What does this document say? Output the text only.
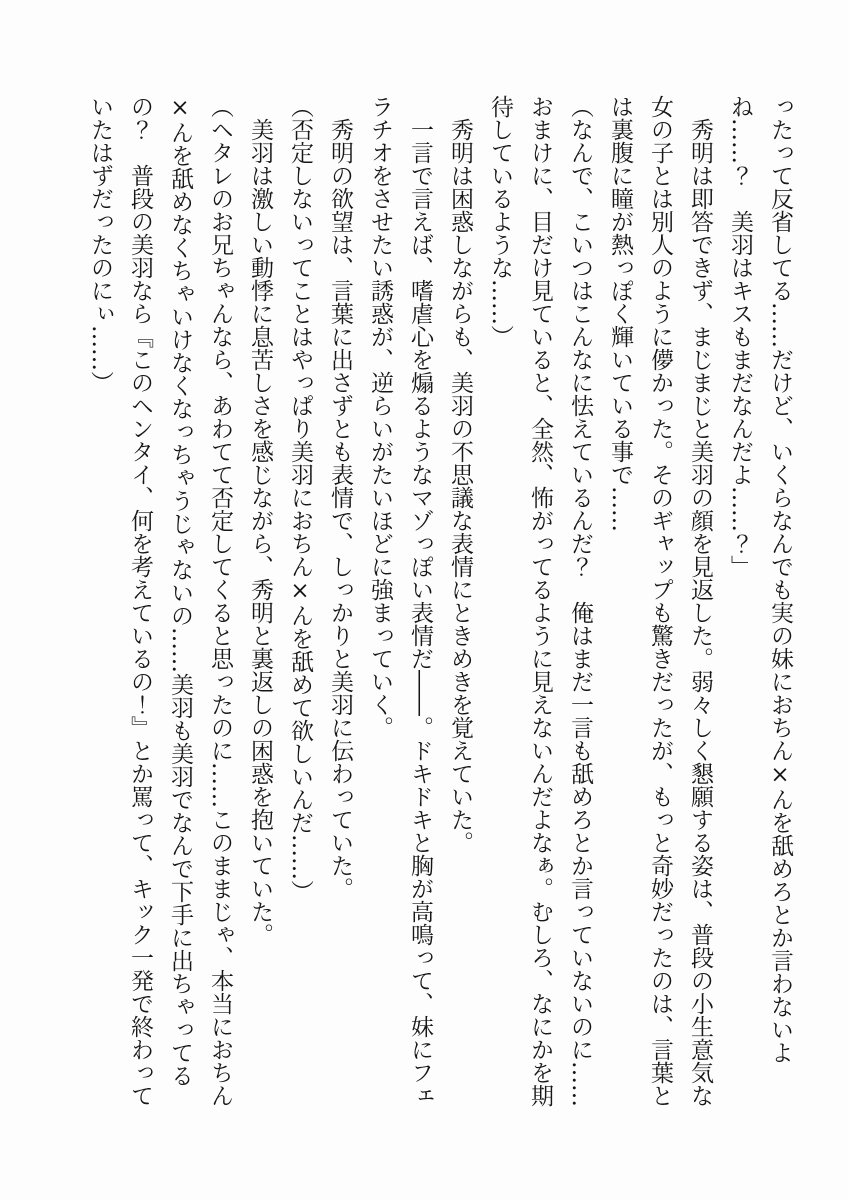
ったって反省してる……だけど、いくらなんでも実の妹におちん×んを舐めろとか言わないよね……？　美羽はキスもまだなんだよ……？」

秀明は即答できず、まじまじと美羽の顔を見返した。弱々しく懇願する姿は、普段の小生意気な女の子とは別人のように儚かった。そのギャップも驚きだったが、もっと奇妙だったのは、言葉とは裏腹に瞳が熱っぽく輝いている事で……

（なんで、こいつはこんなに怯えているんだ？　俺はまだ一言も舐めろとか言っていないのに……おまけに、目だけ見ていると、全然、怖がってるように見えないんだよなぁ。むしろ、なにかを期待しているような……）

秀明は困惑しながらも、美羽の不思議な表情にときめきを覚えていた。

一言で言えば、嗜虐心を煽るようなマゾっぽい表情だ――。ドキドキと胸が高鳴って、妹にフェラチオをさせたい誘惑が、逆らいがたいほどに強まっていく。

秀明の欲望は、言葉に出さずとも表情で、しっかりと美羽に伝わっていた。

（否定しないってことはやっぱり美羽におちん×んを舐めて欲しいんだ……）

美羽は激しい動悸に息苦しさを感じながら、秀明と裏返しの困惑を抱いていた。

（ヘタレのお兄ちゃんなら、あわてて否定してくると思ったのに……このままじゃ、本当におちん×んを舐めなくちゃいけなくなっちゃうじゃないの……美羽も美羽でなんで下手に出ちゃってるの？　普段の美羽なら『このヘンタイ、何を考えているの！』とか罵って、キック一発で終わっていたはずだったのにぃ……）
